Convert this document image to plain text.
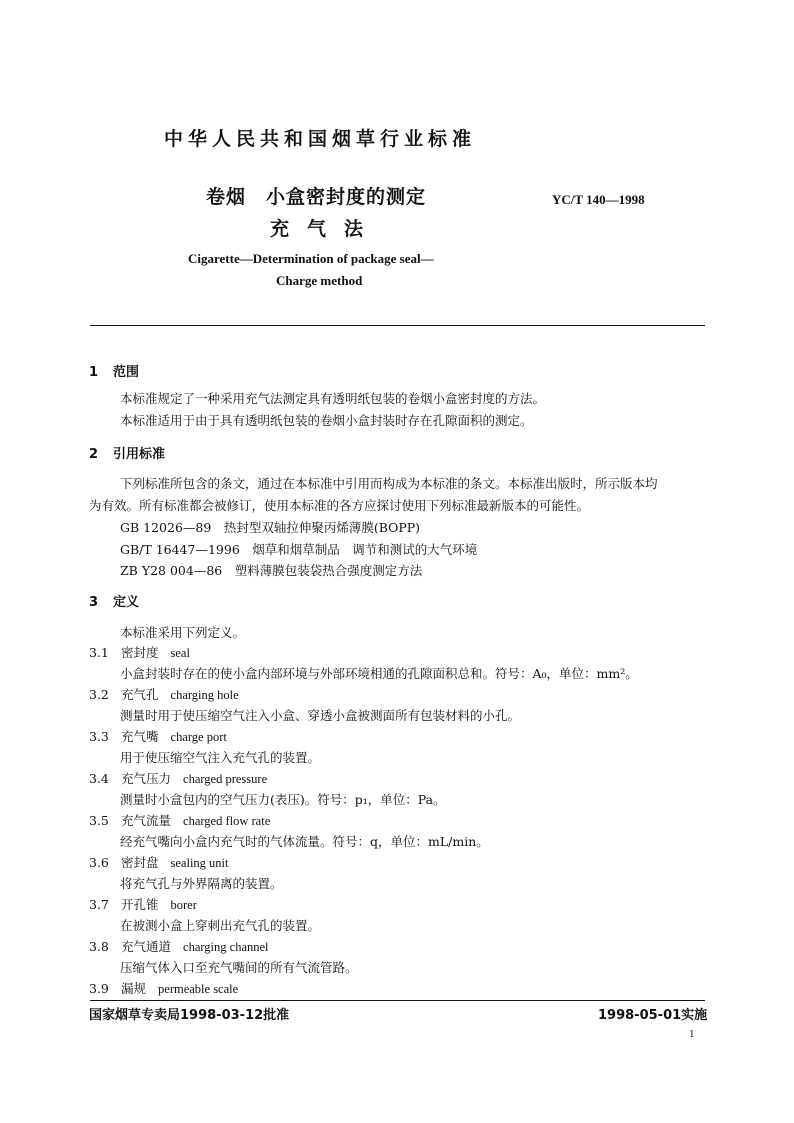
中华人民共和国烟草行业标准
卷烟　小盒密封度的测定
充 气 法
YC/T 140—1998
Cigarette—Determination of package seal—
Charge method
1 范围
本标准规定了一种采用充气法测定具有透明纸包装的卷烟小盒密封度的方法。
本标准适用于由于具有透明纸包装的卷烟小盒封装时存在孔隙面积的测定。
2 引用标准
下列标准所包含的条文，通过在本标准中引用而构成为本标准的条文。本标准出版时，所示版本均
为有效。所有标准都会被修订，使用本标准的各方应探讨使用下列标准最新版本的可能性。
GB 12026—89　热封型双轴拉伸聚丙烯薄膜(BOPP)
GB/T 16447—1996　烟草和烟草制品　调节和测试的大气环境
ZB Y28 004—86　塑料薄膜包装袋热合强度测定方法
3 定义
本标准采用下列定义。
3.1 密封度 seal
小盒封装时存在的使小盒内部环境与外部环境相通的孔隙面积总和。符号：A₀，单位：mm²。
3.2 充气孔 charging hole
测量时用于使压缩空气注入小盒、穿透小盒被测面所有包装材料的小孔。
3.3 充气嘴 charge port
用于使压缩空气注入充气孔的装置。
3.4 充气压力 charged pressure
测量时小盒包内的空气压力(表压)。符号：p₁，单位：Pa。
3.5 充气流量 charged flow rate
经充气嘴向小盒内充气时的气体流量。符号：q，单位：mL/min。
3.6 密封盘 sealing unit
将充气孔与外界隔离的装置。
3.7 开孔锥 borer
在被测小盒上穿刺出充气孔的装置。
3.8 充气通道 charging channel
压缩气体入口至充气嘴间的所有气流管路。
3.9 漏规 permeable scale
国家烟草专卖局1998-03-12批准	1998-05-01实施
1
